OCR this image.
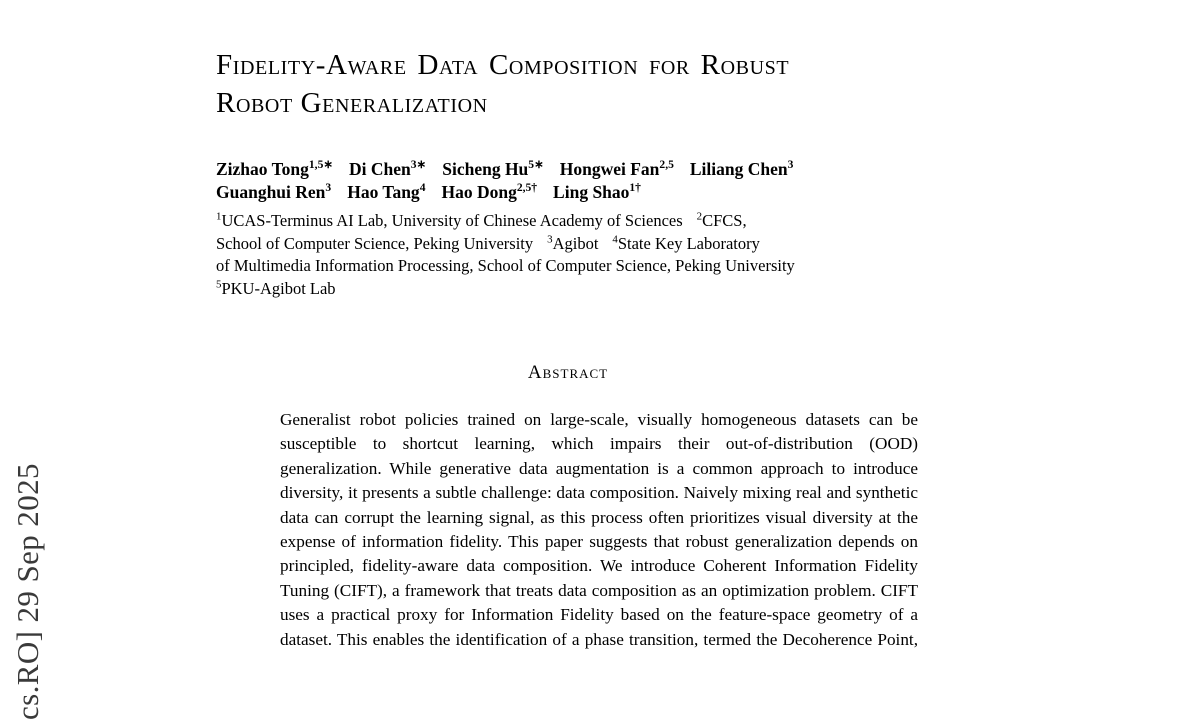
cs.RO] 29 Sep 2025
Fidelity-Aware Data Composition for Robust
Robot Generalization
Zizhao Tong$^{1,5∗}$ Di Chen$^{3∗}$ Sicheng $Hu^{5∗}$ Hongwei Fan$^{2,5}$ Liliang Chen$^3$
Guanghui Ren$^3$ Hao Tang$^4$ Hao Dong$^{2,5\dagger}$ Ling Shao$^{1\dagger}$
$^1$UCAS-Terminus AI Lab, University of Chinese Academy of Sciences $^2$CFCS,
School of Computer Science, Peking University $^3$Agibot $^4$State Key Laboratory
of Multimedia Information Processing, School of Computer Science, Peking University
$^5$PKU-Agibot Lab
Abstract

Generalist robot policies trained on large-scale, visually homogeneous datasets can be susceptible to shortcut learning, which impairs their out-of-distribution (OOD) generalization. While generative data augmentation is a common approach to introduce diversity, it presents a subtle challenge: data composition. Naively mixing real and synthetic data can corrupt the learning signal, as this process often prioritizes visual diversity at the expense of information fidelity. This paper suggests that robust generalization depends on principled, fidelity-aware data composition. We introduce Coherent Information Fidelity Tuning (CIFT), a framework that treats data composition as an optimization problem. CIFT uses a practical proxy for Information Fidelity based on the feature-space geometry of a dataset. This enables the identification of a phase transition, termed the Decoherence Point,
